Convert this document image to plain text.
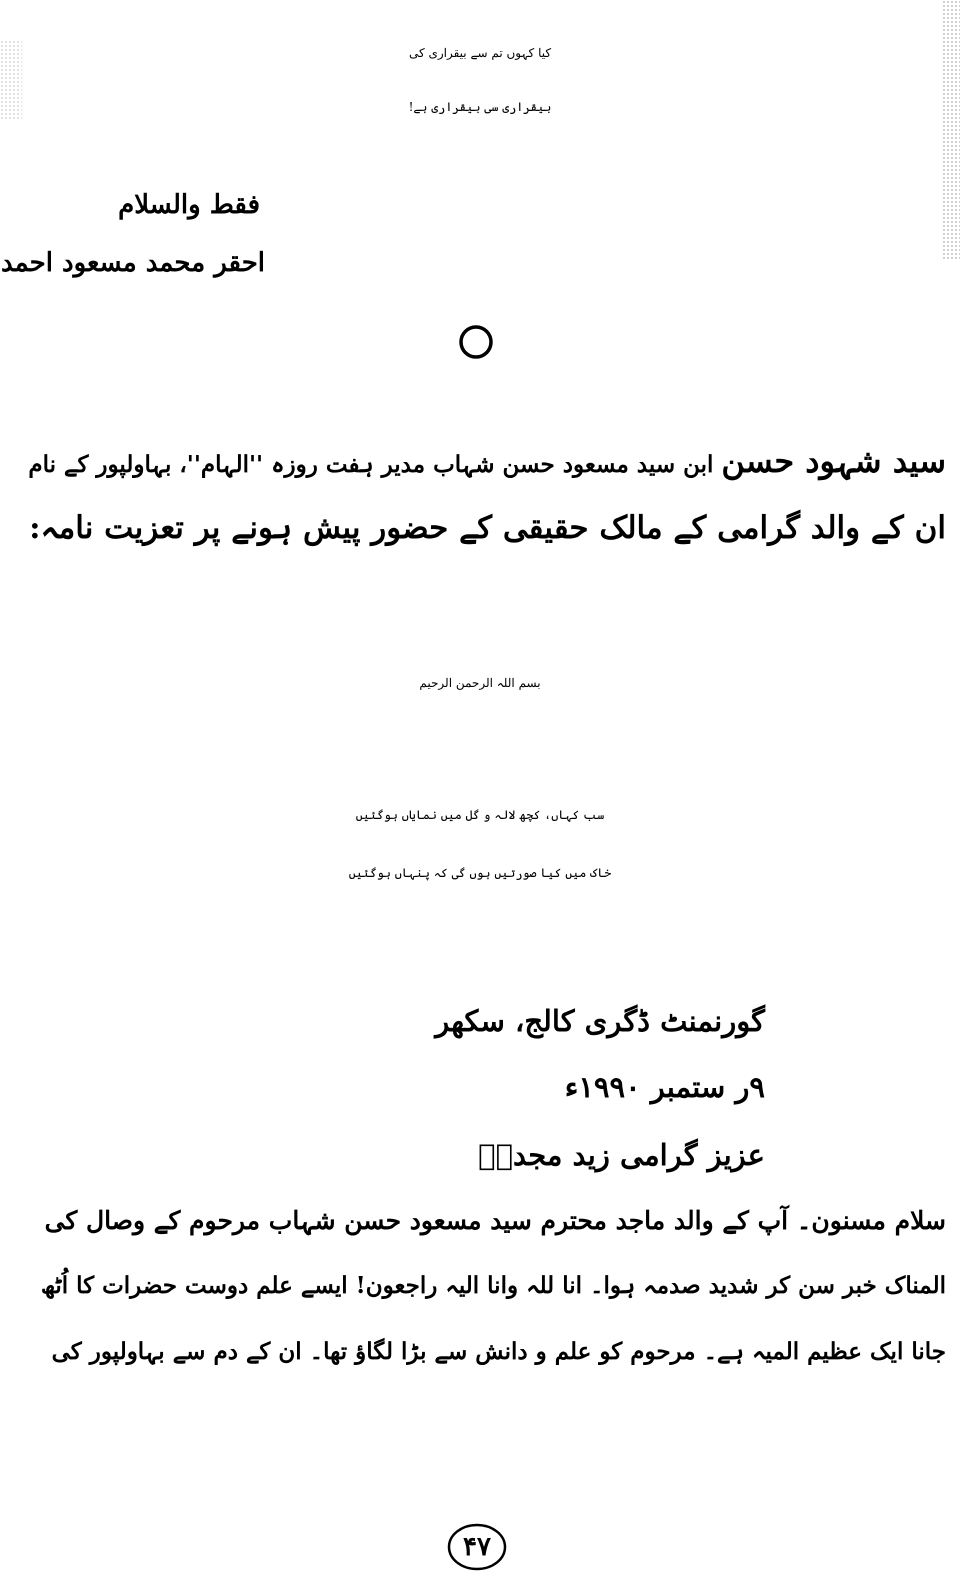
کیا کہوں تم سے بیقراری کی
بیقراری سی بیقراری ہے!
فقط والسلام
احقر محمد مسعود احمد
سید شہود حسن ابن سید مسعود حسن شہاب مدیر ہفت روزہ ''الہام''، بہاولپور کے نام
ان کے والد گرامی کے مالک حقیقی کے حضور پیش ہونے پر تعزیت نامہ:
بسم اللہ الرحمن الرحیم
سب کہاں، کچھ لالہ و گل میں نمایاں ہوگئیں
خاک میں کیا صورتیں ہوں گی کہ پنہاں ہوگئیں
گورنمنٹ ڈگری کالج، سکھر
۹ر ستمبر ۱۹۹۰ء
عزیز گرامی زید مجدہٗ
سلام مسنون۔ آپ کے والد ماجد محترم سید مسعود حسن شہاب مرحوم کے وصال کی
المناک خبر سن کر شدید صدمہ ہوا۔ انا للہ وانا الیہ راجعون! ایسے علم دوست حضرات کا اُٹھ
جانا ایک عظیم المیہ ہے۔ مرحوم کو علم و دانش سے بڑا لگاؤ تھا۔ ان کے دم سے بہاولپور کی
۴۷
